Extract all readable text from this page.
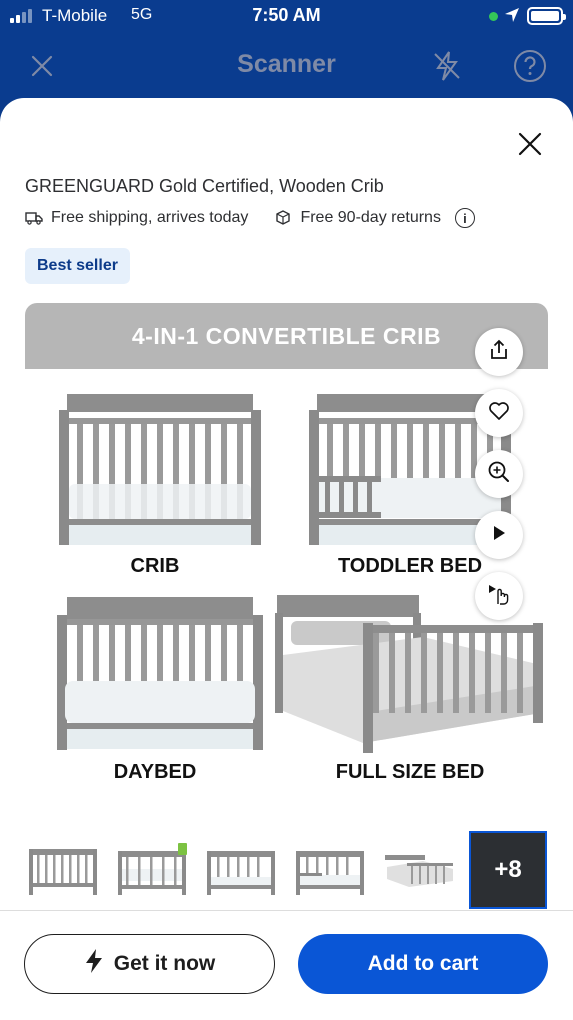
T-Mobile 5G	7:50 AM
Scanner
GREENGUARD Gold Certified, Wooden Crib
Free shipping, arrives today	Free 90-day returns	i
Best seller
4-IN-1 CONVERTIBLE CRIB
CRIB	TODDLER BED
DAYBED	FULL SIZE BED
+8
Get it now	Add to cart
